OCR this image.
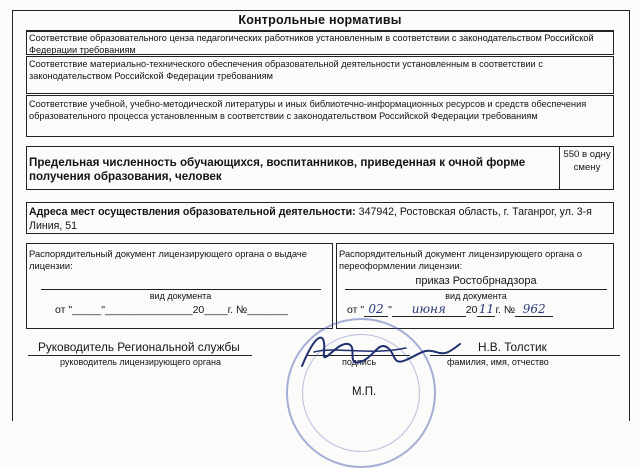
Контрольные нормативы
Соответствие образовательного ценза педагогических работников установленным в соответствии с законодательством Российской Федерации требованиям
Соответствие материально-технического обеспечения образовательной деятельности установленным в соответствии с законодательством Российской Федерации требованиям
Соответствие учебной, учебно-методической литературы и иных библиотечно-информационных ресурсов и средств обеспечения образовательного процесса установленным в соответствии с законодательством Российской Федерации требованиям
Предельная численность обучающихся, воспитанников, приведенная к очной форме получения образования, человек
550 в одну смену
Адреса мест осуществления образовательной деятельности: 347942, Ростовская область, г. Таганрог, ул. 3-я Линия, 51
Распорядительный документ лицензирующего органа о выдаче лицензии:
вид документа
от "_____"_______________20____г. №_______
Распорядительный документ лицензирующего органа о переоформлении лицензии:
приказ Ростобрнадзора
вид документа
от " 02 " июня 2011г. № 962
Руководитель Региональной службы
руководитель лицензирующего органа	подпись
Н.В. Толстик
фамилия, имя, отчество
М.П.
